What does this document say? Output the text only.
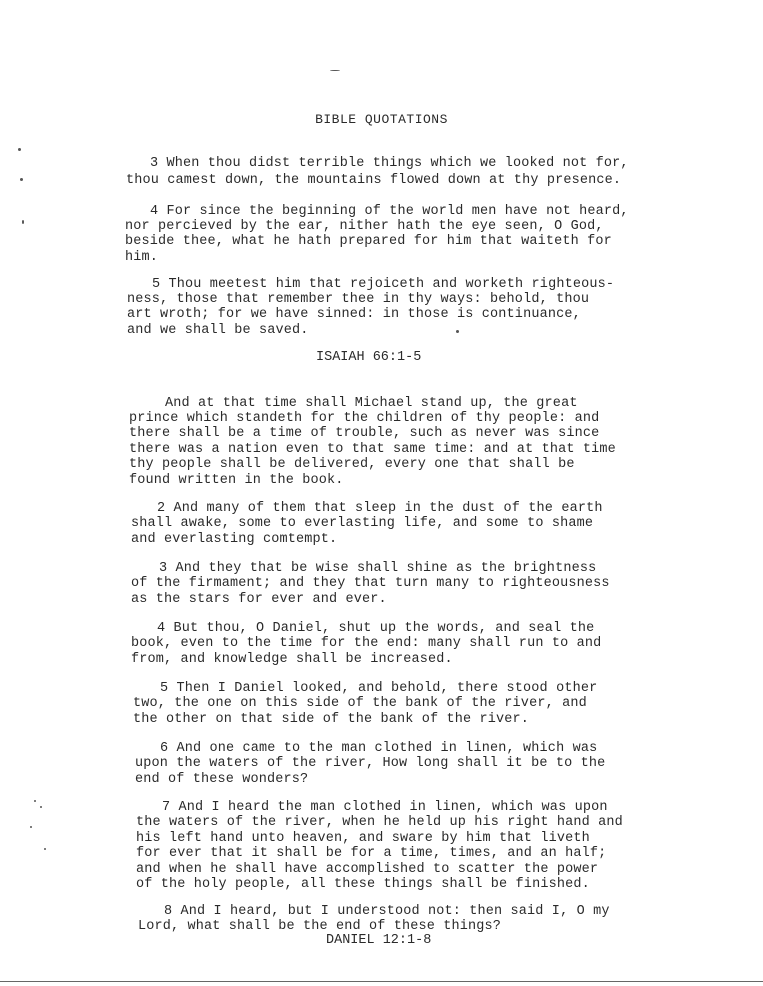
BIBLE QUOTATIONS
3 When thou didst terrible things which we looked not for,
thou camest down, the mountains flowed down at thy presence.
4 For since the beginning of the world men have not heard,
nor percieved by the ear, nither hath the eye seen, O God,
beside thee, what he hath prepared for him that waiteth for
him.
5 Thou meetest him that rejoiceth and worketh righteous-
ness, those that remember thee in thy ways: behold, thou
art wroth; for we have sinned: in those is continuance,
and we shall be saved.
ISAIAH 66:1-5
And at that time shall Michael stand up, the great
prince which standeth for the children of thy people: and
there shall be a time of trouble, such as never was since
there was a nation even to that same time: and at that time
thy people shall be delivered, every one that shall be
found written in the book.
2 And many of them that sleep in the dust of the earth
shall awake, some to everlasting life, and some to shame
and everlasting comtempt.
3 And they that be wise shall shine as the brightness
of the firmament; and they that turn many to righteousness
as the stars for ever and ever.
4 But thou, O Daniel, shut up the words, and seal the
book, even to the time for the end: many shall run to and
from, and knowledge shall be increased.
5 Then I Daniel looked, and behold, there stood other
two, the one on this side of the bank of the river, and
the other on that side of the bank of the river.
6 And one came to the man clothed in linen, which was
upon the waters of the river, How long shall it be to the
end of these wonders?
7 And I heard the man clothed in linen, which was upon
the waters of the river, when he held up his right hand and
his left hand unto heaven, and sware by him that liveth
for ever that it shall be for a time, times, and an half;
and when he shall have accomplished to scatter the power
of the holy people, all these things shall be finished.
8 And I heard, but I understood not: then said I, O my
Lord, what shall be the end of these things?
DANIEL 12:1-8
